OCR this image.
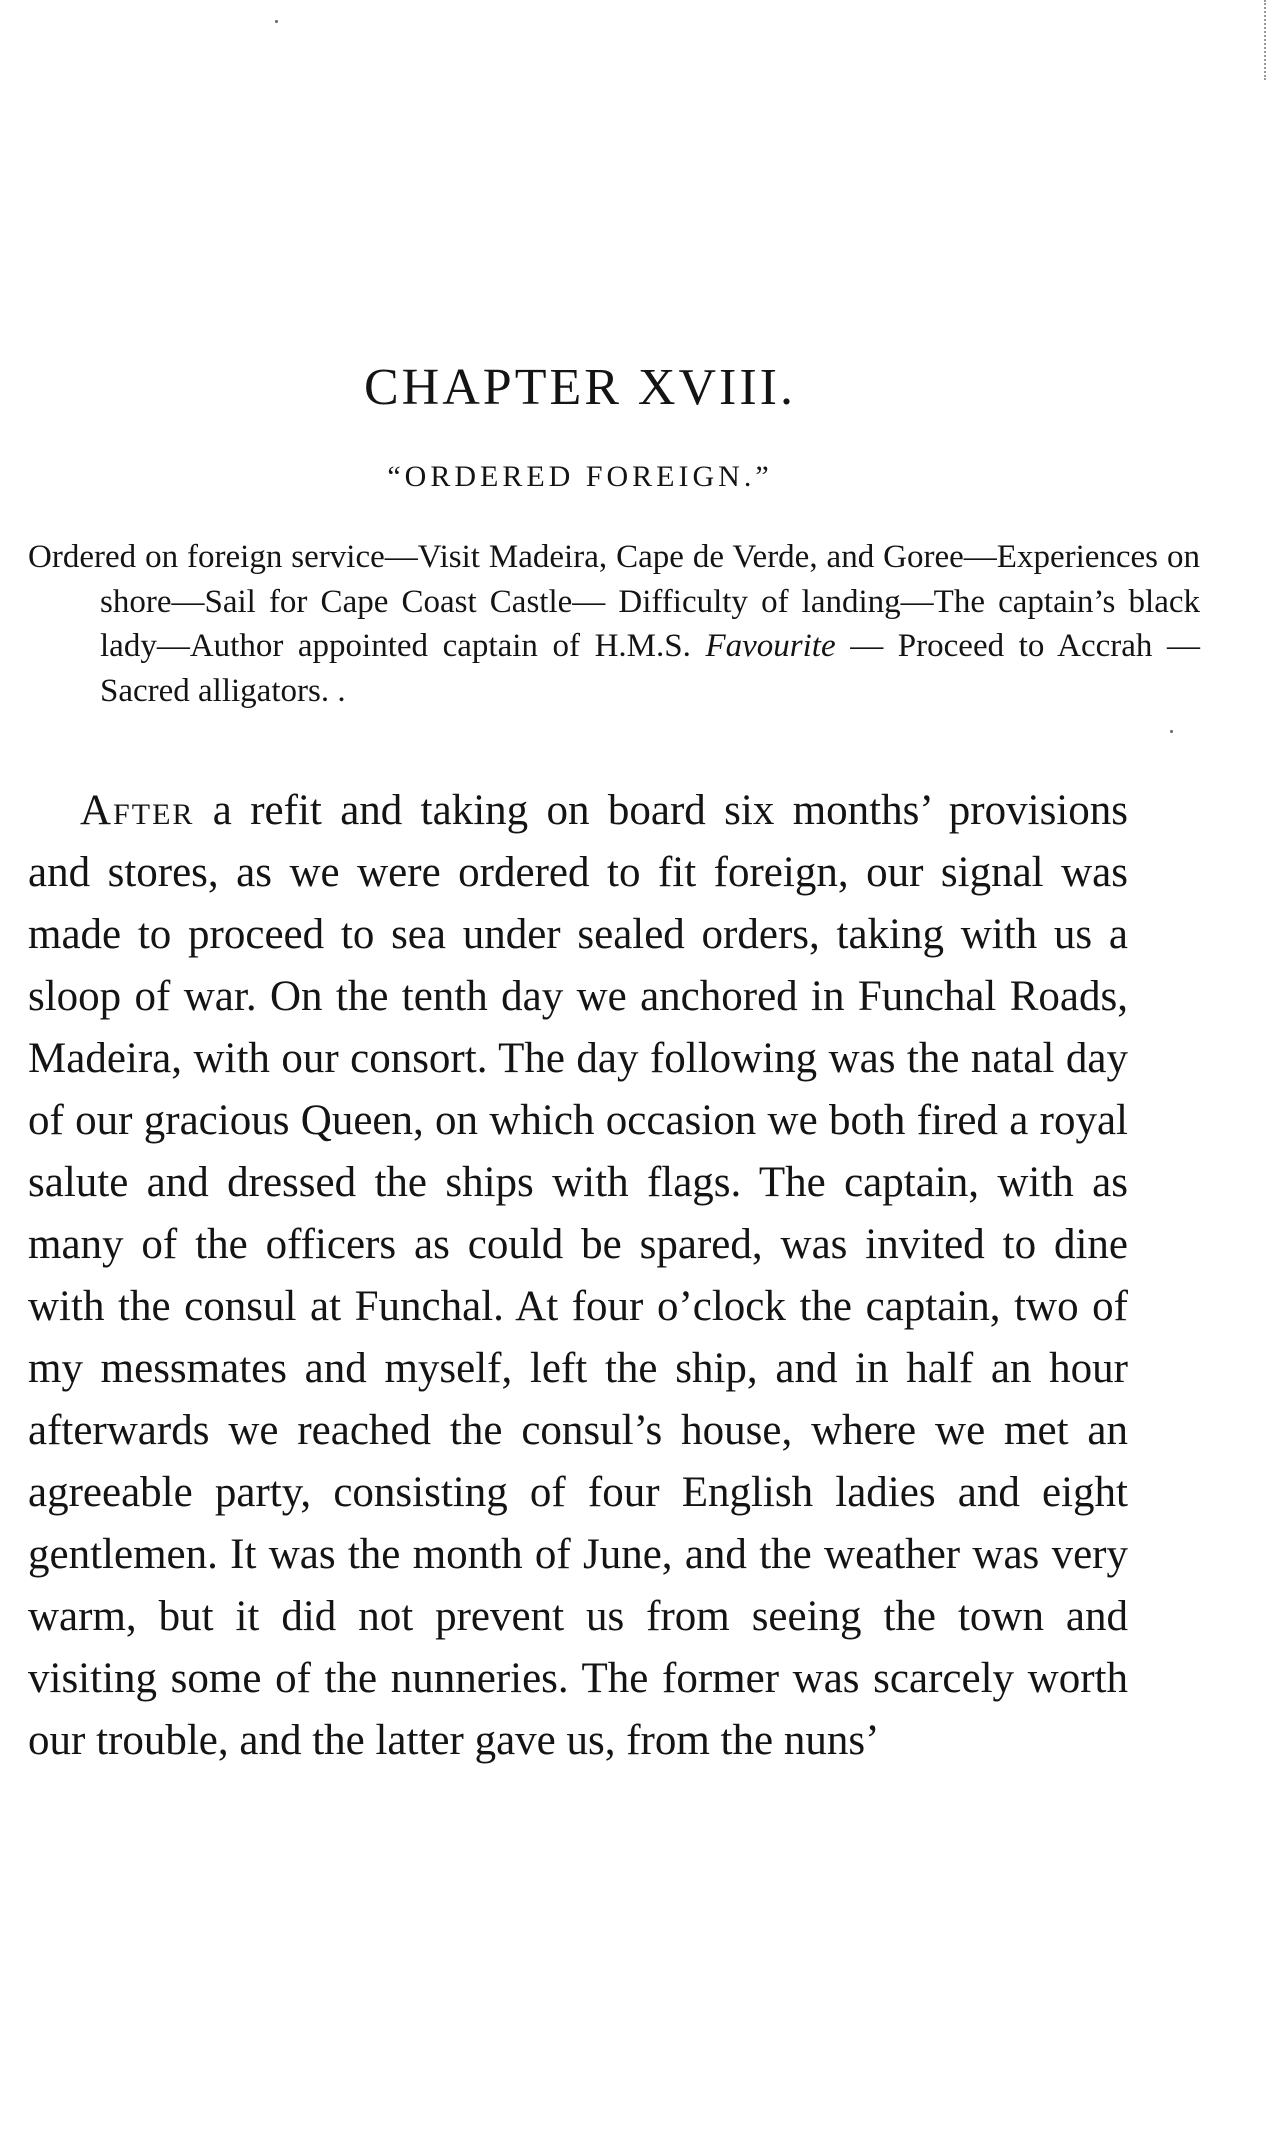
CHAPTER XVIII.
“ORDERED FOREIGN.”

Ordered on foreign service—Visit Madeira, Cape de Verde, and Goree—Experiences on shore—Sail for Cape Coast Castle— Difficulty of landing—The captain’s black lady—Author appointed captain of H.M.S. Favourite — Proceed to Accrah — Sacred alligators. .

After a refit and taking on board six months’ provisions and stores, as we were ordered to fit foreign, our signal was made to proceed to sea under sealed orders, taking with us a sloop of war. On the tenth day we anchored in Funchal Roads, Madeira, with our consort. The day following was the natal day of our gracious Queen, on which occasion we both fired a royal salute and dressed the ships with flags. The captain, with as many of the officers as could be spared, was invited to dine with the consul at Funchal. At four o’clock the captain, two of my messmates and myself, left the ship, and in half an hour afterwards we reached the consul’s house, where we met an agreeable party, consisting of four English ladies and eight gentlemen. It was the month of June, and the weather was very warm, but it did not prevent us from seeing the town and visiting some of the nunneries. The former was scarcely worth our trouble, and the latter gave us, from the nuns’
